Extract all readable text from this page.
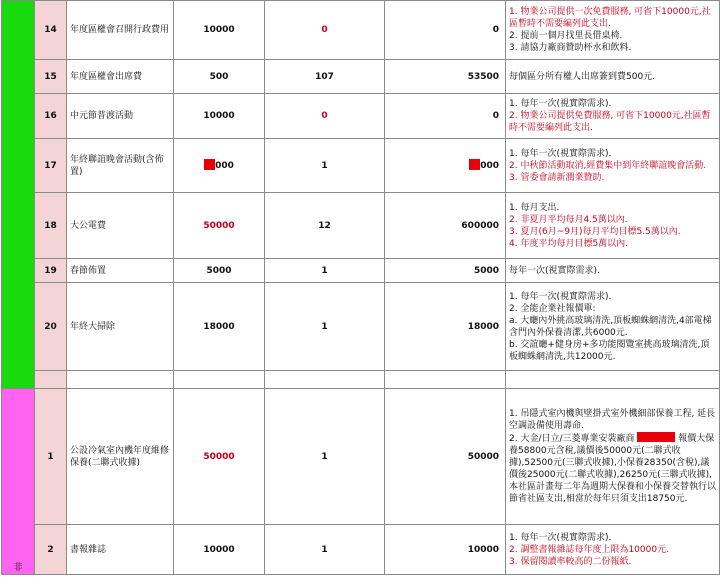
	14	年度區權會召開行政費用	10000	0	0	1. 物業公司提供一次免費服務, 可省下10000元,社區暫時不需要編列此支出.
2. 提前一個月找里長借桌椅.
3. 請協力廠商贊助杯水和飲料.

	15	年度區權會出席費	500	107	53500	每個區分所有權人出席簽到費500元.

	16	中元節普渡活動	10000	0	0	1. 每年一次(視實際需求).
2. 物業公司提供免費服務, 可省下10000元,社區暫時不需要編列此支出.

	17	年終聯誼晚會活動(含佈置)	000	1	000	1. 每年一次(視實際需求).
2. 中秋節活動取消,經費集中到年終聯誼晚會活動.
3. 管委會請新潤業贊助.

	18	大公電費	50000	12	600000	1. 每月支出.
2. 非夏月平均每月4.5萬以內.
3. 夏月(6月~9月)每月平均目標5.5萬以內.
4. 年度平均每月目標5萬以內.

	19	春節佈置	5000	1	5000	每年一次(視實際需求).

	20	年終大掃除	18000	1	18000	1. 每年一次(視實際需求).
2. 全能企業社報價單:
a. 大廳內外挑高玻璃清洗,頂板蜘蛛網清洗,4部電梯含門內外保養清潔,共6000元.
b. 交誼廳+健身房+多功能閱覽室挑高玻璃清洗,頂板蜘蛛網清洗,共12000元.

非	1	公設冷氣室內機年度維修保養(二聯式收據)	50000	1	50000	1. 吊隱式室內機與壁掛式室外機細部保養工程, 延長空調設備使用壽命.
2. 大金/日立/三菱專業安裝廠商 報價大保養58800元含稅,議價後50000元(二聯式收據),52500元(三聯式收據),小保養28350(含稅),議價後25000元(二聯式收據),26250元(三聯式收據),本社區計畫每二年為週期大保養和小保養交替執行以節省社區支出,相當於每年只須支出18750元.
	2	書報雜誌	10000	1	10000	1. 每年一次(視實際需求).
2. 調整書報雜誌每年度上限為10000元.
3. 保留閱讀率較高的二份報紙.
